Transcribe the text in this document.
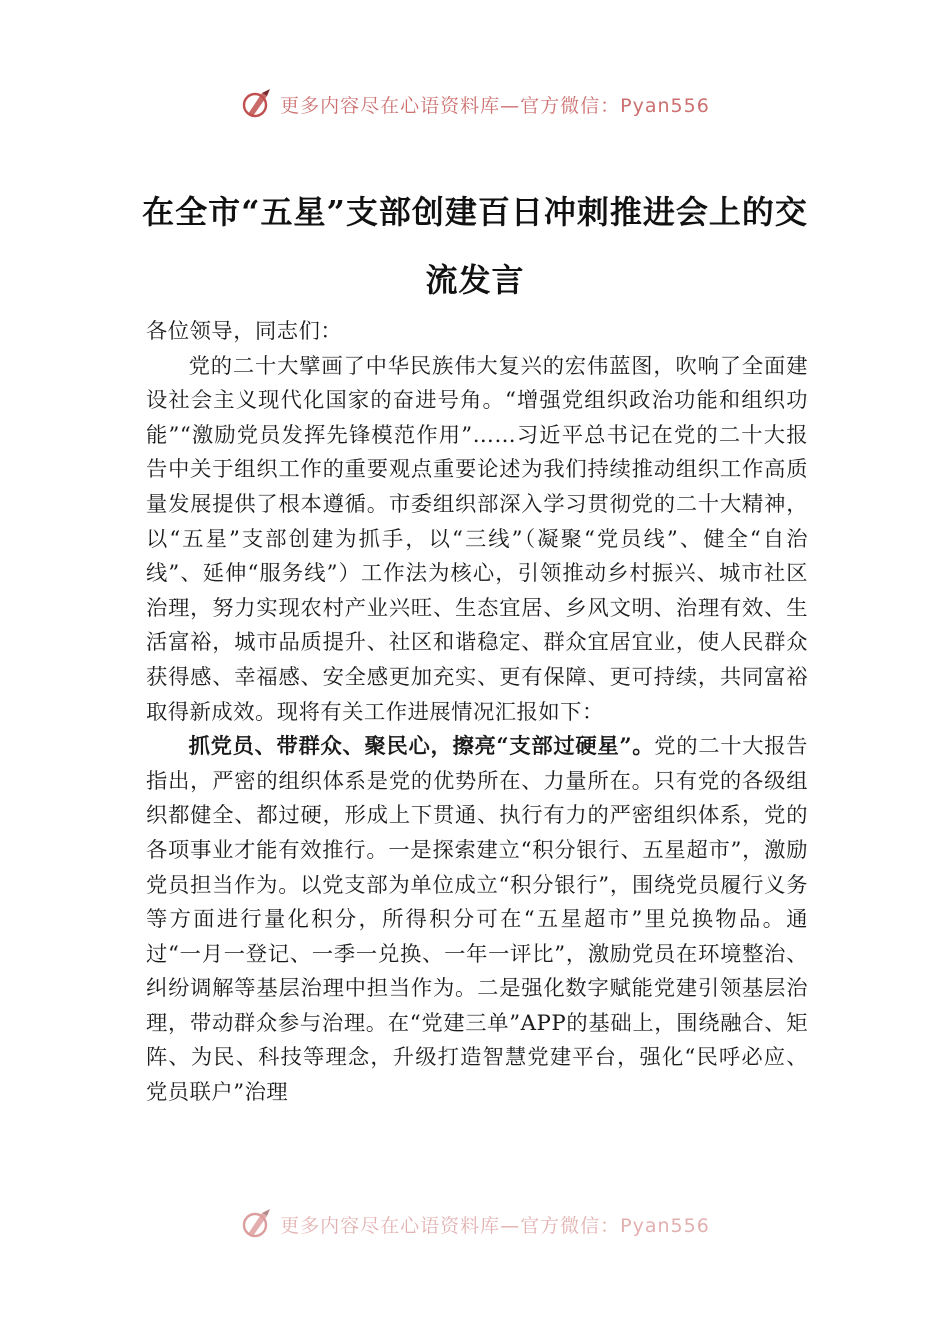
更多内容尽在心语资料库—官方微信：Pyan556
在全市“五星”支部创建百日冲刺推进会上的交流发言

各位领导，同志们：

党的二十大擘画了中华民族伟大复兴的宏伟蓝图，吹响了全面建设社会主义现代化国家的奋进号角。“增强党组织政治功能和组织功能”“激励党员发挥先锋模范作用”……习近平总书记在党的二十大报告中关于组织工作的重要观点重要论述为我们持续推动组织工作高质量发展提供了根本遵循。市委组织部深入学习贯彻党的二十大精神，以“五星”支部创建为抓手，以“三线”（凝聚“党员线”、健全“自治线”、延伸“服务线”）工作法为核心，引领推动乡村振兴、城市社区治理，努力实现农村产业兴旺、生态宜居、乡风文明、治理有效、生活富裕，城市品质提升、社区和谐稳定、群众宜居宜业，使人民群众获得感、幸福感、安全感更加充实、更有保障、更可持续，共同富裕取得新成效。现将有关工作进展情况汇报如下：

抓党员、带群众、聚民心，擦亮“支部过硬星”。党的二十大报告指出，严密的组织体系是党的优势所在、力量所在。只有党的各级组织都健全、都过硬，形成上下贯通、执行有力的严密组织体系，党的各项事业才能有效推行。一是探索建立“积分银行、五星超市”，激励党员担当作为。以党支部为单位成立“积分银行”，围绕党员履行义务等方面进行量化积分，所得积分可在“五星超市”里兑换物品。通过“一月一登记、一季一兑换、一年一评比”，激励党员在环境整治、纠纷调解等基层治理中担当作为。二是强化数字赋能党建引领基层治理，带动群众参与治理。在“党建三单”APP的基础上，围绕融合、矩阵、为民、科技等理念，升级打造智慧党建平台，强化“民呼必应、党员联户”治理

更多内容尽在心语资料库—官方微信：Pyan556
